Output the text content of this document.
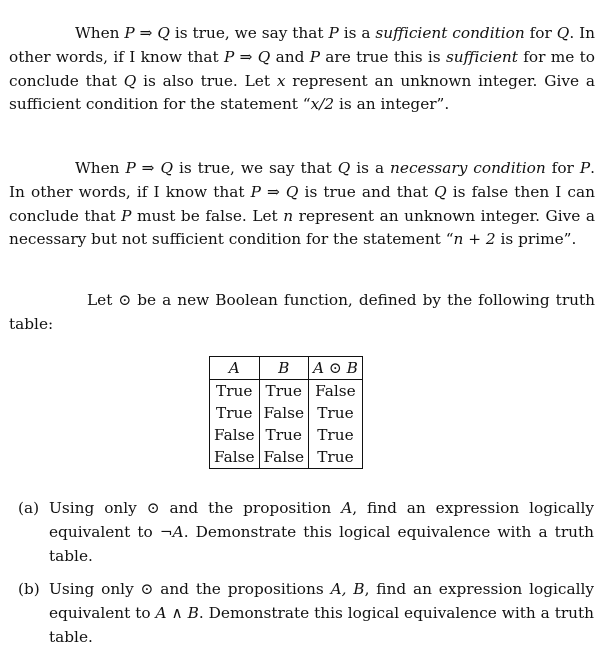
When P ⇒ Q is true, we say that P is a sufficient condition for Q. In other words, if I know that P ⇒ Q and P are true this is sufficient for me to conclude that Q is also true. Let x represent an unknown integer. Give a sufficient condition for the statement “x/2 is an integer”.

When P ⇒ Q is true, we say that Q is a necessary condition for P. In other words, if I know that P ⇒ Q is true and that Q is false then I can conclude that P must be false. Let n represent an unknown integer. Give a necessary but not sufficient condition for the statement “n + 2 is prime”.

Let ⊙ be a new Boolean function, defined by the following truth table:

A	B	A ⊙ B
True	True	False
True	False	True
False	True	True
False	False	True
(a) Using only ⊙ and the proposition A, find an expression logically equivalent to ¬A. Demonstrate this logical equivalence with a truth table.
(b) Using only ⊙ and the propositions A, B, find an expression logically equivalent to A ∧ B. Demonstrate this logical equivalence with a truth table.
